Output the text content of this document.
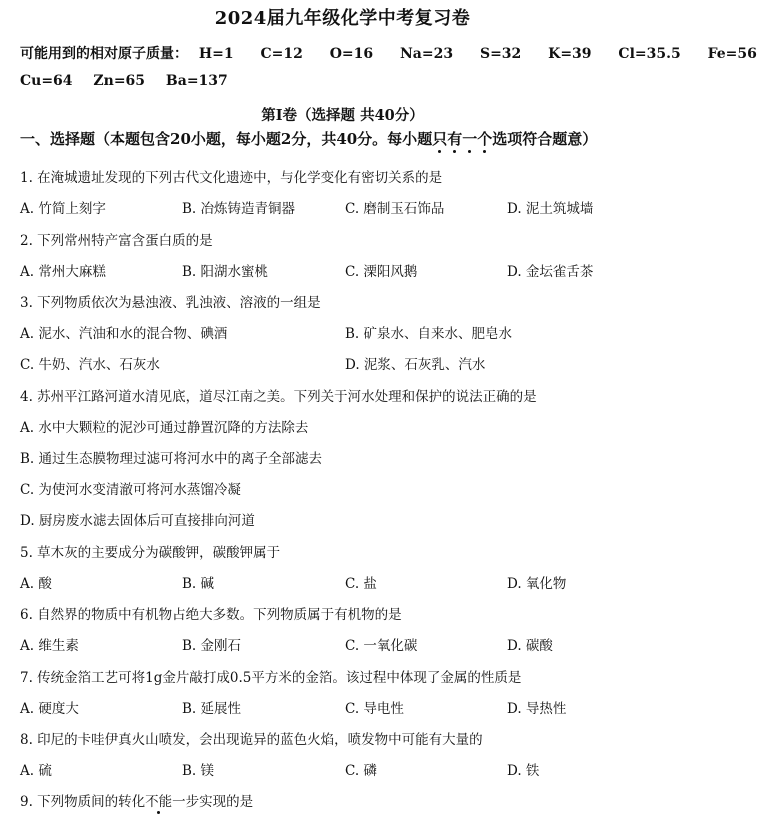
2024届九年级化学中考复习卷
可能用到的相对原子质量： H=1 C=12 O=16 Na=23 S=32 K=39 Cl=35.5 Fe=56
Cu=64 Zn=65 Ba=137
第Ⅰ卷（选择题 共40分）
一、选择题（本题包含20小题，每小题2分，共40分。每小题只有一个选项符合题意）
1. 在淹城遗址发现的下列古代文化遗迹中，与化学变化有密切关系的是
A. 竹简上刻字	B. 冶炼铸造青铜器	C. 磨制玉石饰品	D. 泥土筑城墙
2. 下列常州特产富含蛋白质的是
A. 常州大麻糕	B. 阳湖水蜜桃	C. 溧阳风鹅	D. 金坛雀舌茶
3. 下列物质依次为悬浊液、乳浊液、溶液的一组是
A. 泥水、汽油和水的混合物、碘酒	B. 矿泉水、自来水、肥皂水
C. 牛奶、汽水、石灰水	D. 泥浆、石灰乳、汽水
4. 苏州平江路河道水清见底，道尽江南之美。下列关于河水处理和保护的说法正确的是
A. 水中大颗粒的泥沙可通过静置沉降的方法除去
B. 通过生态膜物理过滤可将河水中的离子全部滤去
C. 为使河水变清澈可将河水蒸馏冷凝
D. 厨房废水滤去固体后可直接排向河道
5. 草木灰的主要成分为碳酸钾，碳酸钾属于
A. 酸	B. 碱	C. 盐	D. 氧化物
6. 自然界的物质中有机物占绝大多数。下列物质属于有机物的是
A. 维生素	B. 金刚石	C. 一氧化碳	D. 碳酸
7. 传统金箔工艺可将1g金片敲打成0.5平方米的金箔。该过程中体现了金属的性质是
A. 硬度大	B. 延展性	C. 导电性	D. 导热性
8. 印尼的卡哇伊真火山喷发，会出现诡异的蓝色火焰，喷发物中可能有大量的
A. 硫	B. 镁	C. 磷	D. 铁
9. 下列物质间的转化不能一步实现的是
